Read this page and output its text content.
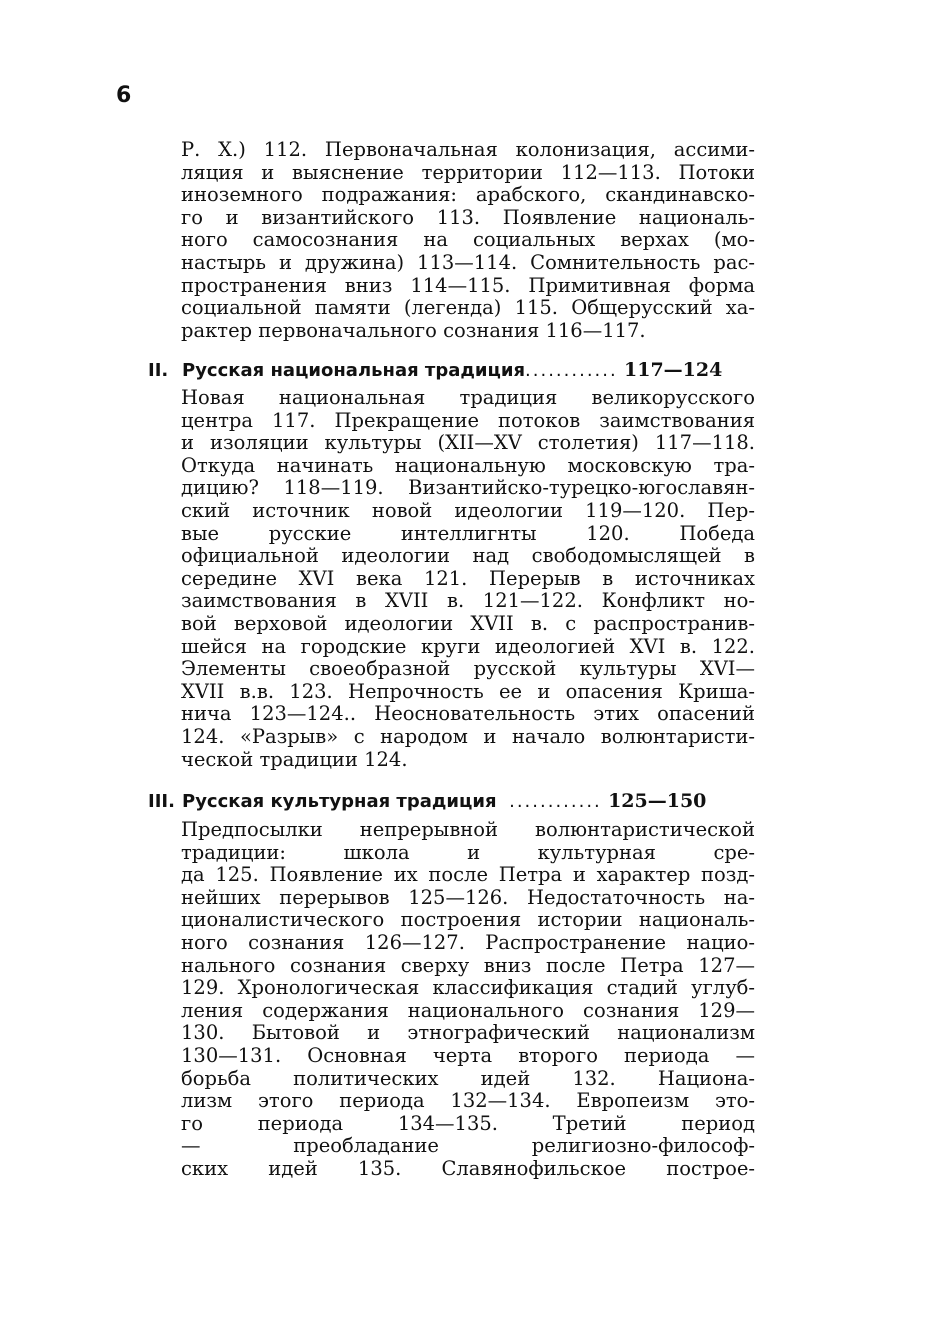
6
Р. Х.) 112. Первоначальная колонизация, ассими-
ляция и выяснение территории 112—113. Потоки
иноземного подражания: арабского, скандинавско-
го и византийского 113. Появление националь-
ного самосознания на социальных верхах (мо-
настырь и дружина) 113—114. Сомнительность рас-
пространения вниз 114—115. Примитивная форма
социальной памяти (легенда) 115. Общерусский ха-
рактер первоначального сознания 116—117.
II. Русская национальная традиция............ 117—124
Новая национальная традиция великорусского
центра 117. Прекращение потоков заимствования
и изоляции культуры (XII—XV столетия) 117—118.
Откуда начинать национальную московскую тра-
дицию? 118—119. Византийско-турецко-югославян-
ский источник новой идеологии 119—120. Пер-
вые русские интеллигнты 120. Победа
официальной идеологии над свободомыслящей в
середине XVI века 121. Перерыв в источниках
заимствования в XVII в. 121—122. Конфликт но-
вой верховой идеологии XVII в. с распространив-
шейся на городские круги идеологией XVI в. 122.
Элементы своеобразной русской культуры XVI—
XVII в.в. 123. Непрочность ее и опасения Криша-
нича 123—124.. Неосновательность этих опасений
124. «Разрыв» с народом и начало волюнтаристи-
ческой традиции 124.
III. Русская культурная традиция ............ 125—150
Предпосылки непрерывной волюнтаристической
традиции: школа и культурная сре-
да 125. Появление их после Петра и характер позд-
нейших перерывов 125—126. Недостаточность на-
ционалистического построения истории националь-
ного сознания 126—127. Распространение нацио-
нального сознания сверху вниз после Петра 127—
129. Хронологическая классификация стадий углуб-
ления содержания национального сознания 129—
130. Бытовой и этнографический национализм
130—131. Основная черта второго периода —
борьба политических идей 132. Национа-
лизм этого периода 132—134. Европеизм это-
го периода 134—135. Третий период
— преобладание религиозно-философ-
ских идей 135. Славянофильское построе-
